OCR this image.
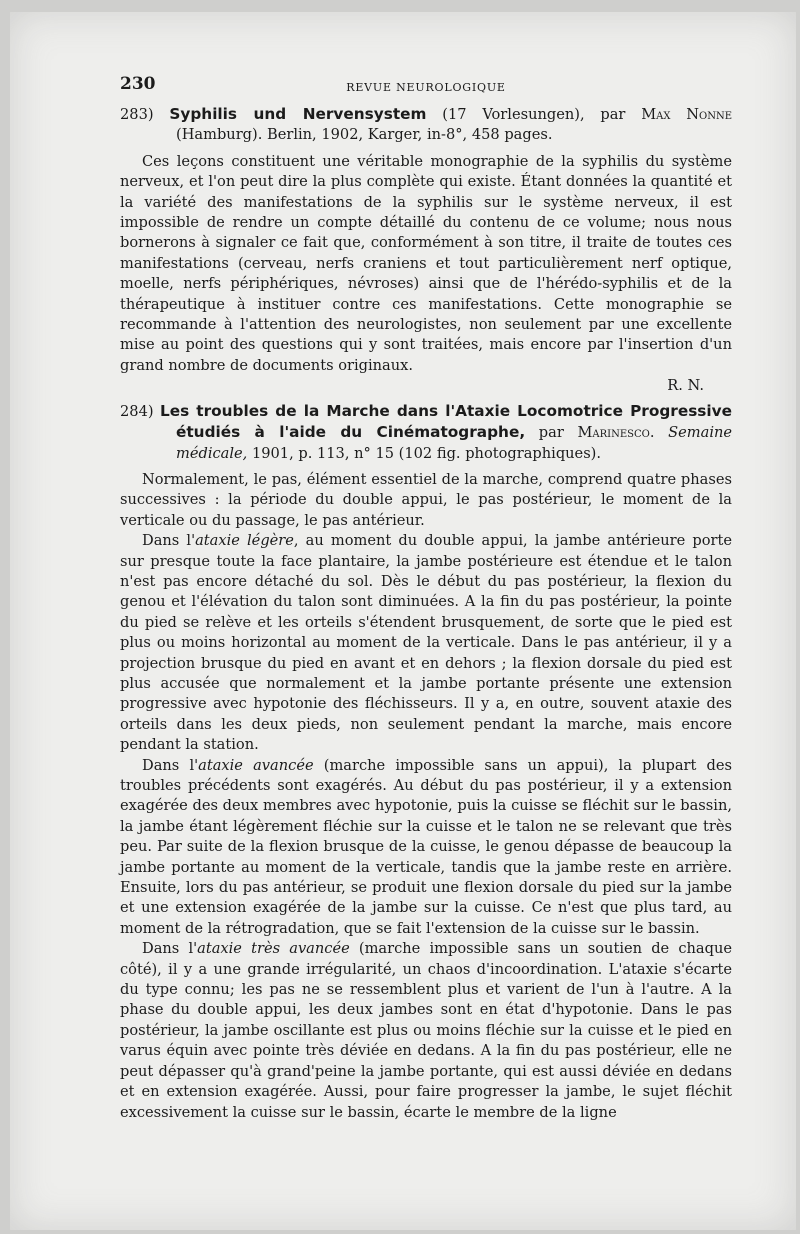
230	REVUE NEUROLOGIQUE

283) Syphilis und Nervensystem (17 Vorlesungen), par Max Nonne (Hamburg). Berlin, 1902, Karger, in-8°, 458 pages.

Ces leçons constituent une véritable monographie de la syphilis du système nerveux, et l'on peut dire la plus complète qui existe. Étant données la quantité et la variété des manifestations de la syphilis sur le système nerveux, il est impossible de rendre un compte détaillé du contenu de ce volume; nous nous bornerons à signaler ce fait que, conformément à son titre, il traite de toutes ces manifestations (cerveau, nerfs craniens et tout particulièrement nerf optique, moelle, nerfs périphériques, névroses) ainsi que de l'hérédo-syphilis et de la thérapeutique à instituer contre ces manifestations. Cette monographie se recommande à l'attention des neurologistes, non seulement par une excellente mise au point des questions qui y sont traitées, mais encore par l'insertion d'un grand nombre de documents originaux.

R. N.

284) Les troubles de la Marche dans l'Ataxie Locomotrice Progressive étudiés à l'aide du Cinématographe, par Marinesco. Semaine médicale, 1901, p. 113, n° 15 (102 fig. photographiques).

Normalement, le pas, élément essentiel de la marche, comprend quatre phases successives : la période du double appui, le pas postérieur, le moment de la verticale ou du passage, le pas antérieur.

Dans l'ataxie légère, au moment du double appui, la jambe antérieure porte sur presque toute la face plantaire, la jambe postérieure est étendue et le talon n'est pas encore détaché du sol. Dès le début du pas postérieur, la flexion du genou et l'élévation du talon sont diminuées. A la fin du pas postérieur, la pointe du pied se relève et les orteils s'étendent brusquement, de sorte que le pied est plus ou moins horizontal au moment de la verticale. Dans le pas antérieur, il y a projection brusque du pied en avant et en dehors ; la flexion dorsale du pied est plus accusée que normalement et la jambe portante présente une extension progressive avec hypotonie des fléchisseurs. Il y a, en outre, souvent ataxie des orteils dans les deux pieds, non seulement pendant la marche, mais encore pendant la station.

Dans l'ataxie avancée (marche impossible sans un appui), la plupart des troubles précédents sont exagérés. Au début du pas postérieur, il y a extension exagérée des deux membres avec hypotonie, puis la cuisse se fléchit sur le bassin, la jambe étant légèrement fléchie sur la cuisse et le talon ne se relevant que très peu. Par suite de la flexion brusque de la cuisse, le genou dépasse de beaucoup la jambe portante au moment de la verticale, tandis que la jambe reste en arrière. Ensuite, lors du pas antérieur, se produit une flexion dorsale du pied sur la jambe et une extension exagérée de la jambe sur la cuisse. Ce n'est que plus tard, au moment de la rétrogradation, que se fait l'extension de la cuisse sur le bassin.

Dans l'ataxie très avancée (marche impossible sans un soutien de chaque côté), il y a une grande irrégularité, un chaos d'incoordination. L'ataxie s'écarte du type connu; les pas ne se ressemblent plus et varient de l'un à l'autre. A la phase du double appui, les deux jambes sont en état d'hypotonie. Dans le pas postérieur, la jambe oscillante est plus ou moins fléchie sur la cuisse et le pied en varus équin avec pointe très déviée en dedans. A la fin du pas postérieur, elle ne peut dépasser qu'à grand'peine la jambe portante, qui est aussi déviée en dedans et en extension exagérée. Aussi, pour faire progresser la jambe, le sujet fléchit excessivement la cuisse sur le bassin, écarte le membre de la ligne
